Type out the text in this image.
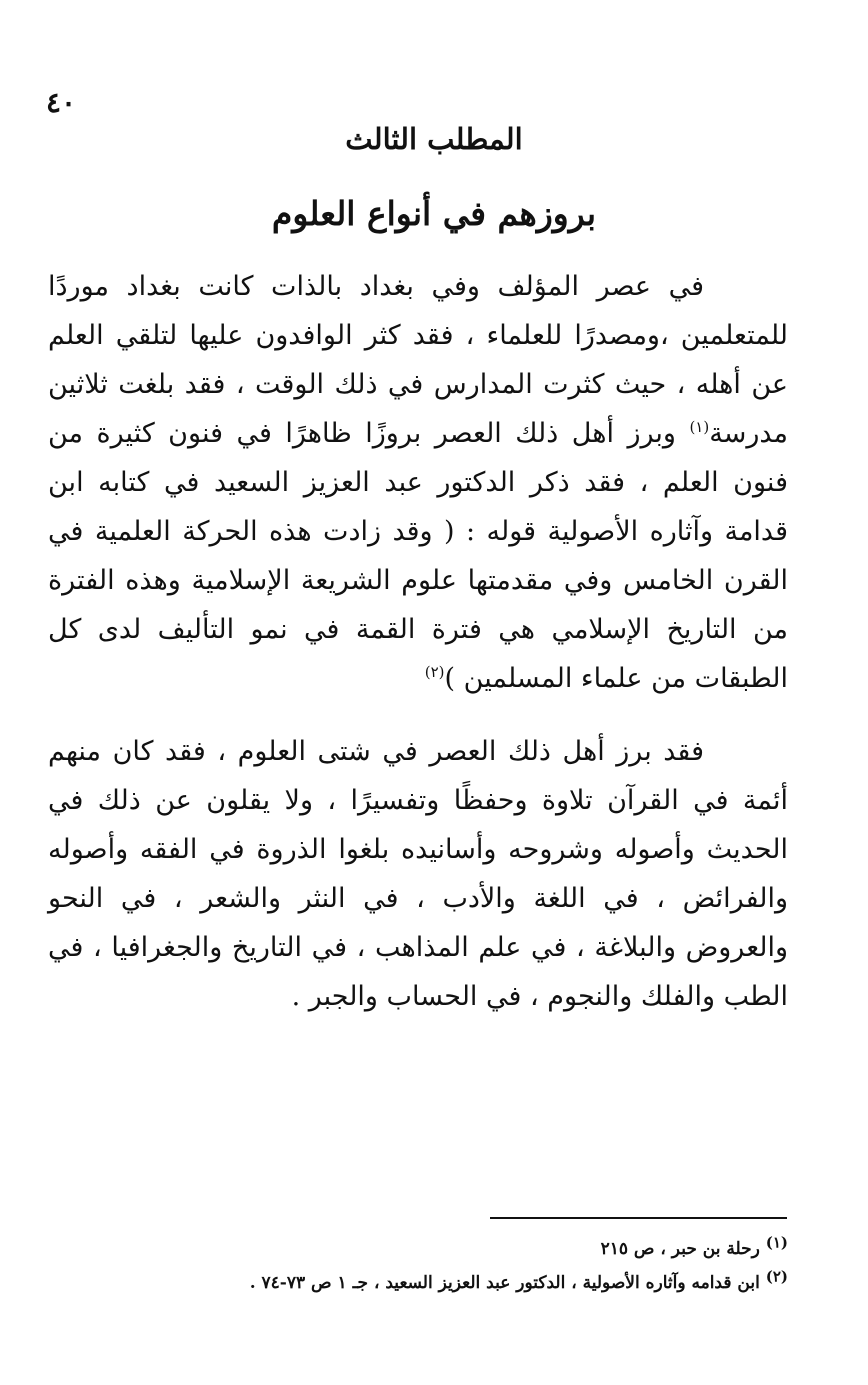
٤٠
المطلب الثالث
بروزهم في أنواع العلوم

في عصر المؤلف وفي بغداد بالذات كانت بغداد موردًا للمتعلمين ،ومصدرًا للعلماء ، فقد كثر الوافدون عليها لتلقي العلم عن أهله ، حيث كثرت المدارس في ذلك الوقت ، فقد بلغت ثلاثين مدرسة$^{(١)}$ وبرز أهل ذلك العصر بروزًا ظاهرًا في فنون كثيرة من فنون العلم ، فقد ذكر الدكتور عبد العزيز السعيد في كتابه ابن قدامة وآثاره الأصولية قوله : ( وقد زادت هذه الحركة العلمية في القرن الخامس وفي مقدمتها علوم الشريعة الإسلامية وهذه الفترة من التاريخ الإسلامي هي فترة القمة في نمو التأليف لدى كل الطبقات من علماء المسلمين )$^{(٢)}$

فقد برز أهل ذلك العصر في شتى العلوم ، فقد كان منهم أئمة في القرآن تلاوة وحفظًا وتفسيرًا ، ولا يقلون عن ذلك في الحديث وأصوله وشروحه وأسانيده بلغوا الذروة في الفقه وأصوله والفرائض ، في اللغة والأدب ، في النثر والشعر ، في النحو والعروض والبلاغة ، في علم المذاهب ، في التاريخ والجغرافيا ، في الطب والفلك والنجوم ، في الحساب والجبر .

$^{(١)}$ رحلة بن حبر ، ص ٢١٥

$^{(٢)}$ ابن قدامه وآثاره الأصولية ، الدكتور عبد العزيز السعيد ، جـ ١ ص ٧٣-٧٤ .
